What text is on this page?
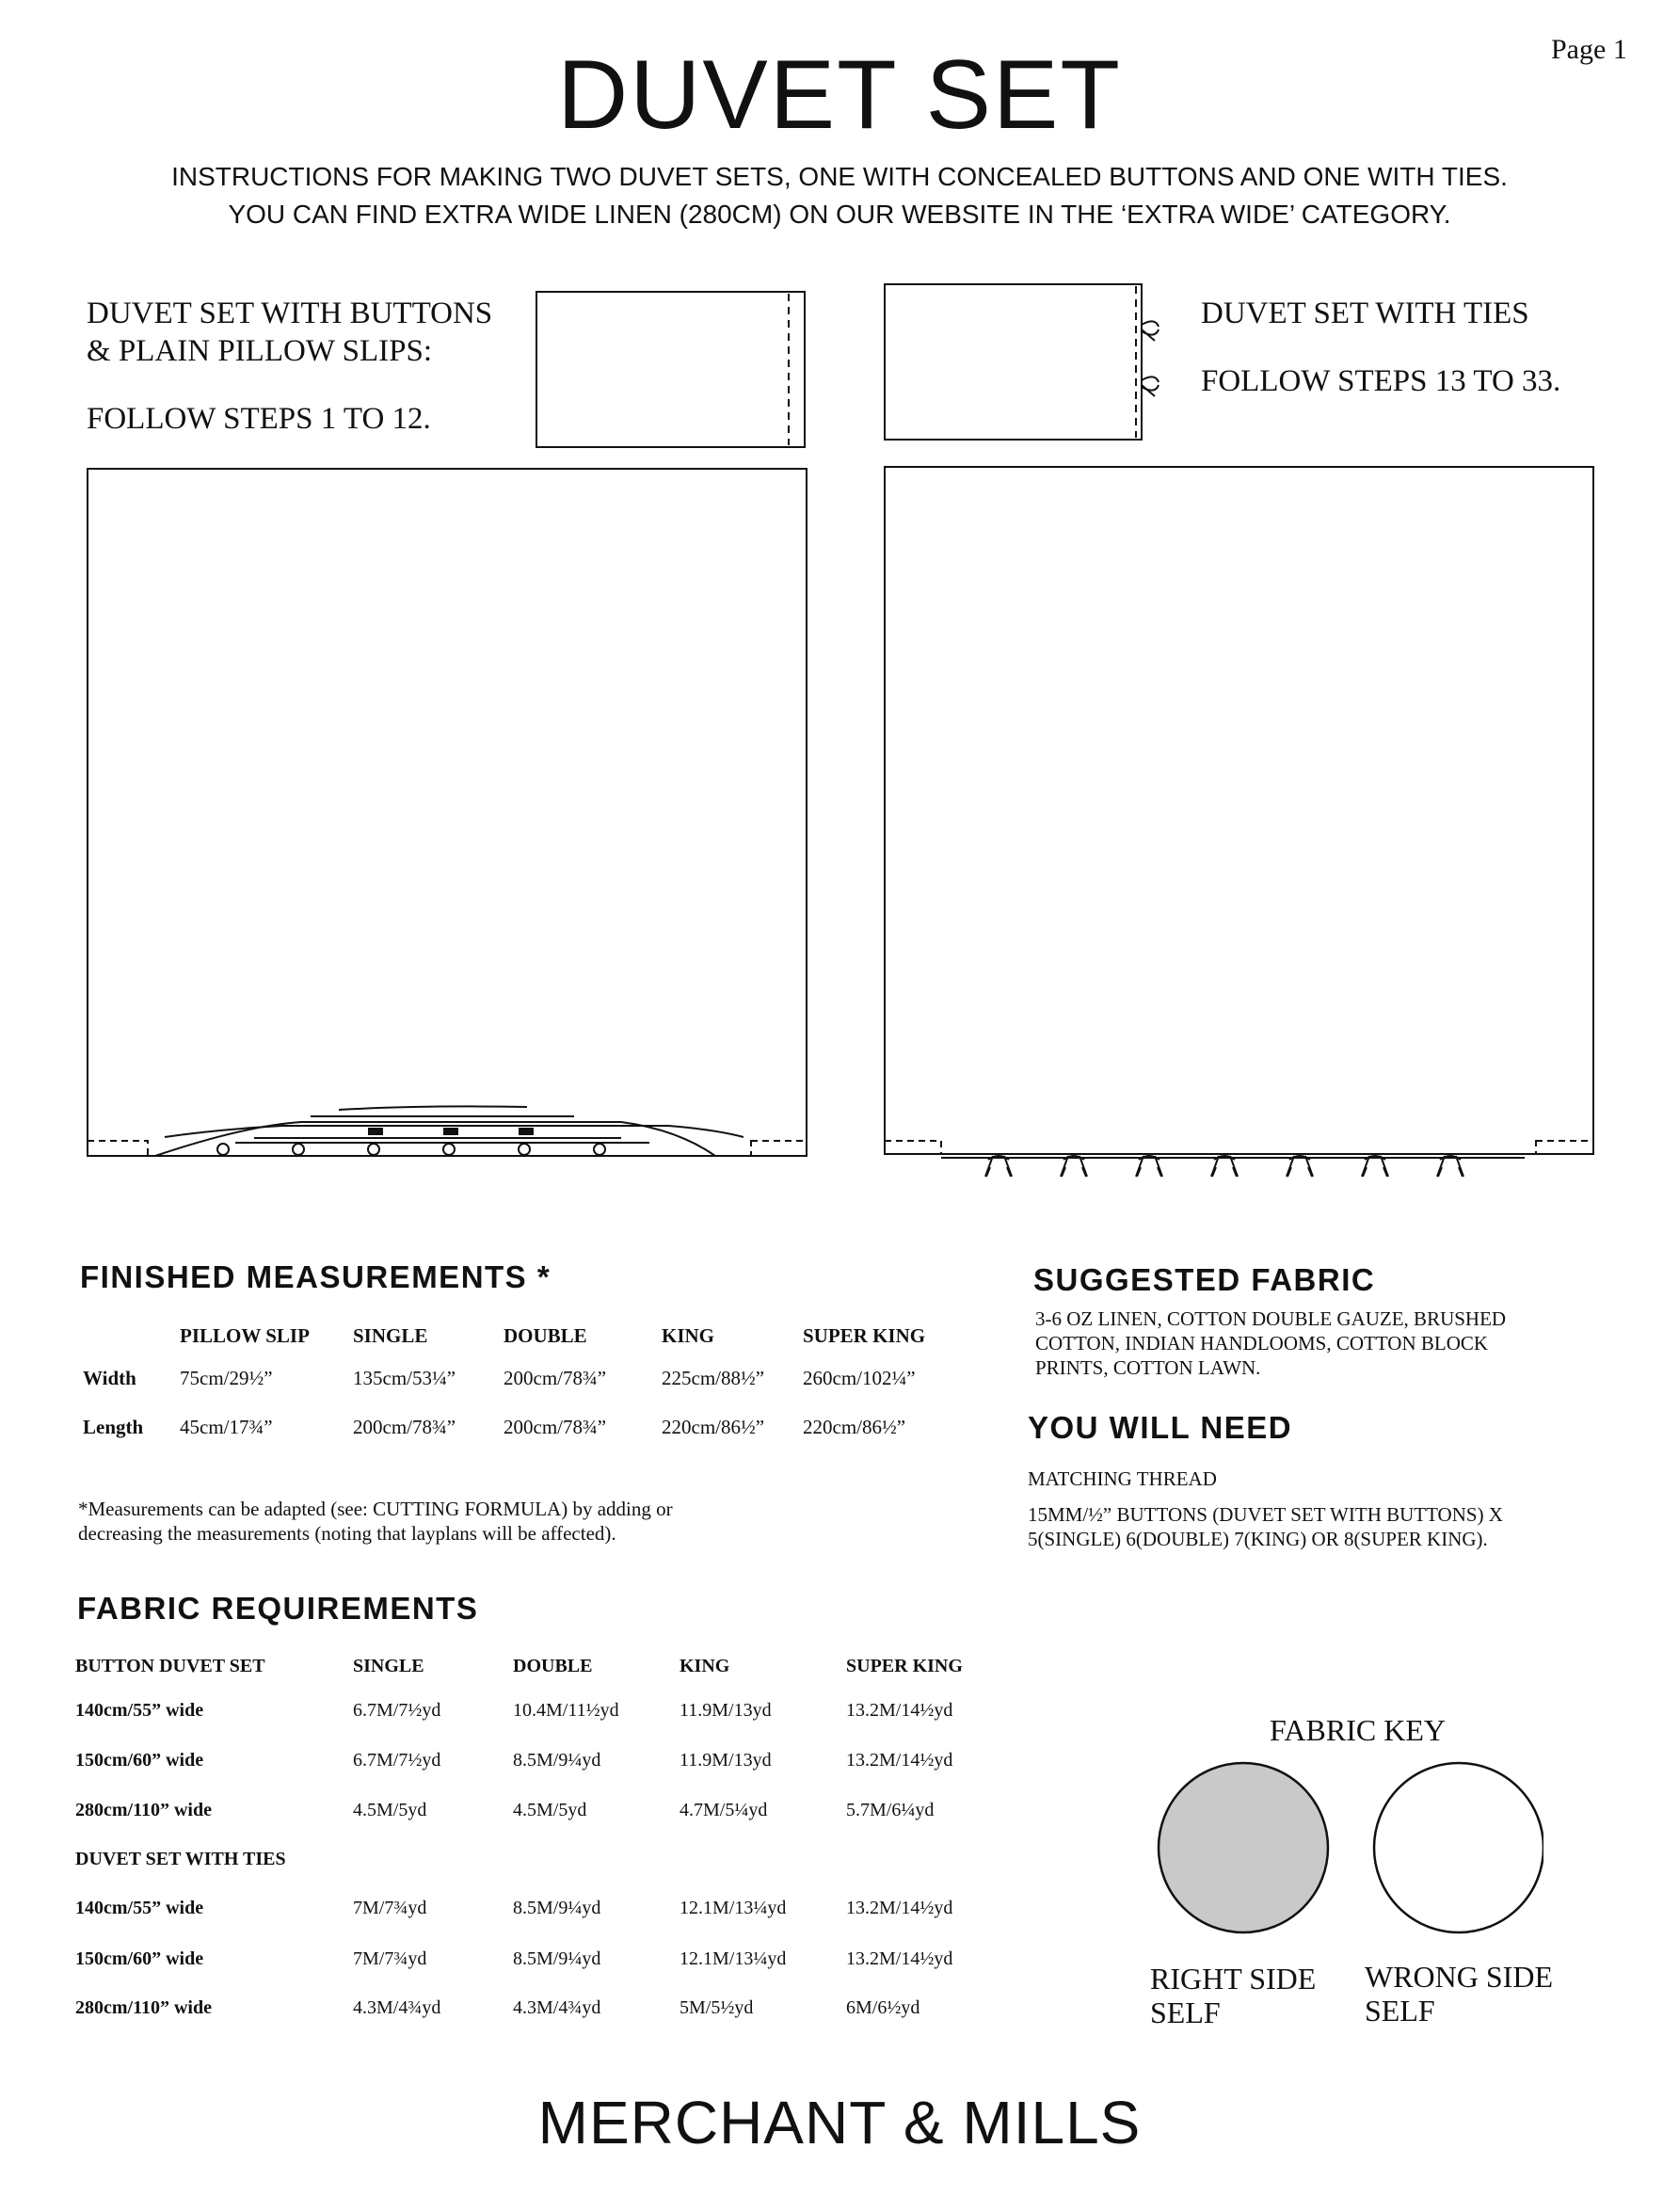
Page 1
DUVET SET
INSTRUCTIONS FOR MAKING TWO DUVET SETS, ONE WITH CONCEALED BUTTONS AND ONE WITH TIES.
YOU CAN FIND EXTRA WIDE LINEN (280CM) ON OUR WEBSITE IN THE ‘EXTRA WIDE’ CATEGORY.
DUVET SET WITH BUTTONS
& PLAIN PILLOW SLIPS:
FOLLOW STEPS 1 TO 12.
DUVET SET WITH TIES
FOLLOW STEPS 13 TO 33.
FINISHED MEASUREMENTS *
	PILLOW SLIP	SINGLE	DOUBLE	KING	SUPER KING
Width	75cm/29½”	135cm/53¼”	200cm/78¾”	225cm/88½”	260cm/102¼”
Length	45cm/17¾”	200cm/78¾”	200cm/78¾”	220cm/86½”	220cm/86½”
*Measurements can be adapted (see: CUTTING FORMULA) by adding or
decreasing the measurements (noting that layplans will be affected).
SUGGESTED FABRIC
3-6 OZ LINEN, COTTON DOUBLE GAUZE, BRUSHED
COTTON, INDIAN HANDLOOMS, COTTON BLOCK
PRINTS, COTTON LAWN.
YOU WILL NEED
MATCHING THREAD
15MM/½” BUTTONS (DUVET SET WITH BUTTONS) X
5(SINGLE) 6(DOUBLE) 7(KING) OR 8(SUPER KING).
FABRIC REQUIREMENTS
BUTTON DUVET SET	SINGLE	DOUBLE	KING	SUPER KING
140cm/55” wide	6.7M/7½yd	10.4M/11½yd	11.9M/13yd	13.2M/14½yd
150cm/60” wide	6.7M/7½yd	8.5M/9¼yd	11.9M/13yd	13.2M/14½yd
280cm/110” wide	4.5M/5yd	4.5M/5yd	4.7M/5¼yd	5.7M/6¼yd
DUVET SET WITH TIES				
140cm/55” wide	7M/7¾yd	8.5M/9¼yd	12.1M/13¼yd	13.2M/14½yd
150cm/60” wide	7M/7¾yd	8.5M/9¼yd	12.1M/13¼yd	13.2M/14½yd
280cm/110” wide	4.3M/4¾yd	4.3M/4¾yd	5M/5½yd	6M/6½yd
FABRIC KEY
RIGHT SIDE
SELF
WRONG SIDE
SELF
MERCHANT & MILLS
